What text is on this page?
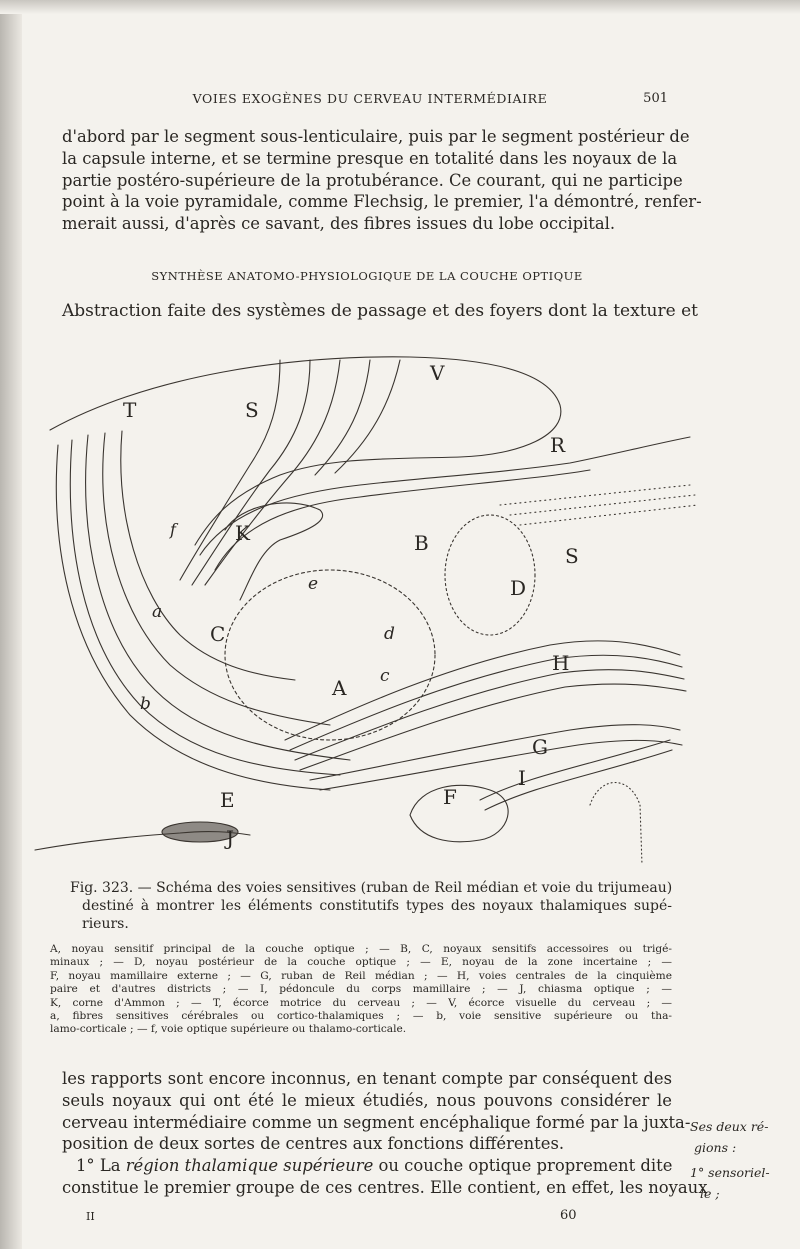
VOIES EXOGÈNES DU CERVEAU INTERMÉDIAIRE	501
d'abord par le segment sous-lenticulaire, puis par le segment postérieur de
la capsule interne, et se termine presque en totalité dans les noyaux de la
partie postéro-supérieure de la protubérance. Ce courant, qui ne participe
point à la voie pyramidale, comme Flechsig, le premier, l'a démontré, renfer-
merait aussi, d'après ce savant, des fibres issues du lobe occipital.
SYNTHÈSE ANATOMO-PHYSIOLOGIQUE DE LA COUCHE OPTIQUE
Abstraction faite des systèmes de passage et des foyers dont la texture et
T
V
S
R
K
f
B
S
D
e
a
C	d
c
H
A
b
G
I
E	F
J
Fig. 323. — Schéma des voies sensitives (ruban de Reil médian et voie du trijumeau)
destiné à montrer les éléments constitutifs types des noyaux thalamiques supé-
rieurs.
A, noyau sensitif principal de la couche optique ; — B, C, noyaux sensitifs accessoires ou trigé-
minaux ; — D, noyau postérieur de la couche optique ; — E, noyau de la zone incertaine ; —
F, noyau mamillaire externe ; — G, ruban de Reil médian ; — H, voies centrales de la cinquième
paire et d'autres districts ; — I, pédoncule du corps mamillaire ; — J, chiasma optique ; —
K, corne d'Ammon ; — T, écorce motrice du cerveau ; — V, écorce visuelle du cerveau ; —
a, fibres sensitives cérébrales ou cortico-thalamiques ; — b, voie sensitive supérieure ou tha-
lamo-corticale ; — f, voie optique supérieure ou thalamo-corticale.
les rapports sont encore inconnus, en tenant compte par conséquent des
seuls noyaux qui ont été le mieux étudiés, nous pouvons considérer le
cerveau intermédiaire comme un segment encéphalique formé par la juxta-
position de deux sortes de centres aux fonctions différentes.
1° La région thalamique supérieure ou couche optique proprement dite
constitue le premier groupe de ces centres. Elle contient, en effet, les noyaux
Ses deux ré-
gions :
1° sensoriel-
le ;
II	60
